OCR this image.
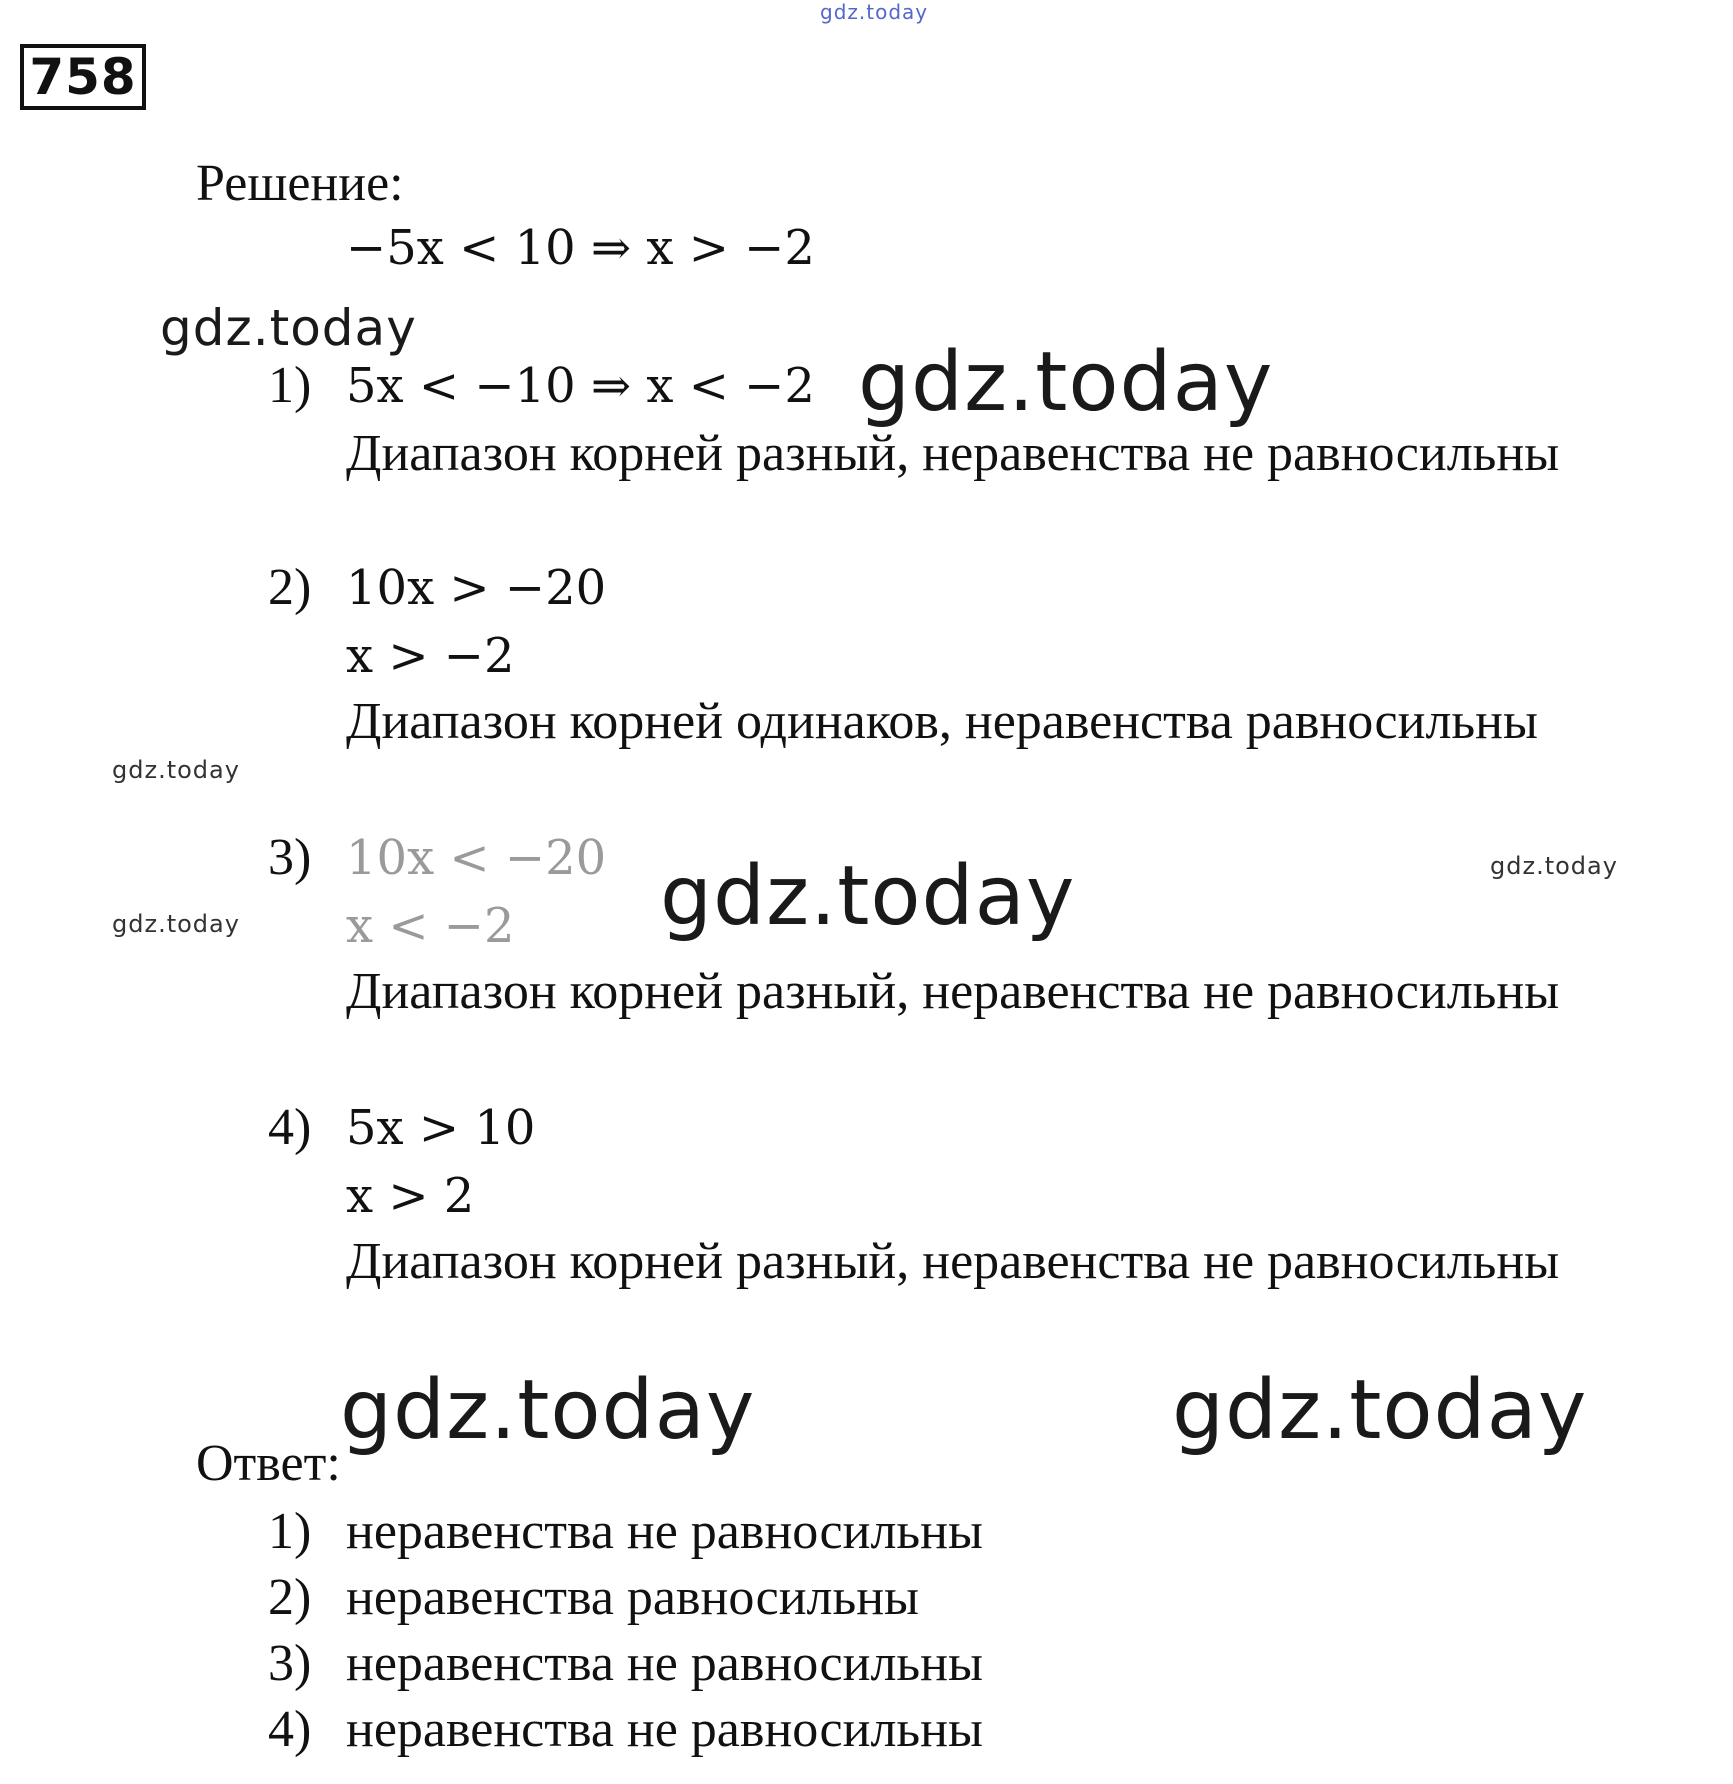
758
gdz.today
Решение:
−5x < 10 ⇒ x > −2
gdz.today
1) 5x < −10 ⇒ x < −2 gdz.today
Диапазон корней разный, неравенства не равносильны
2) 10x > −20
x > −2
Диапазон корней одинаков, неравенства равносильны
gdz.today
3) 10x < −20
x < −2 gdz.today	gdz.today
gdz.today
Диапазон корней разный, неравенства не равносильны
4) 5x > 10
x > 2
Диапазон корней разный, неравенства не равносильны
gdz.today	gdz.today
Ответ:
1) неравенства не равносильны
2) неравенства равносильны
3) неравенства не равносильны
4) неравенства не равносильны
